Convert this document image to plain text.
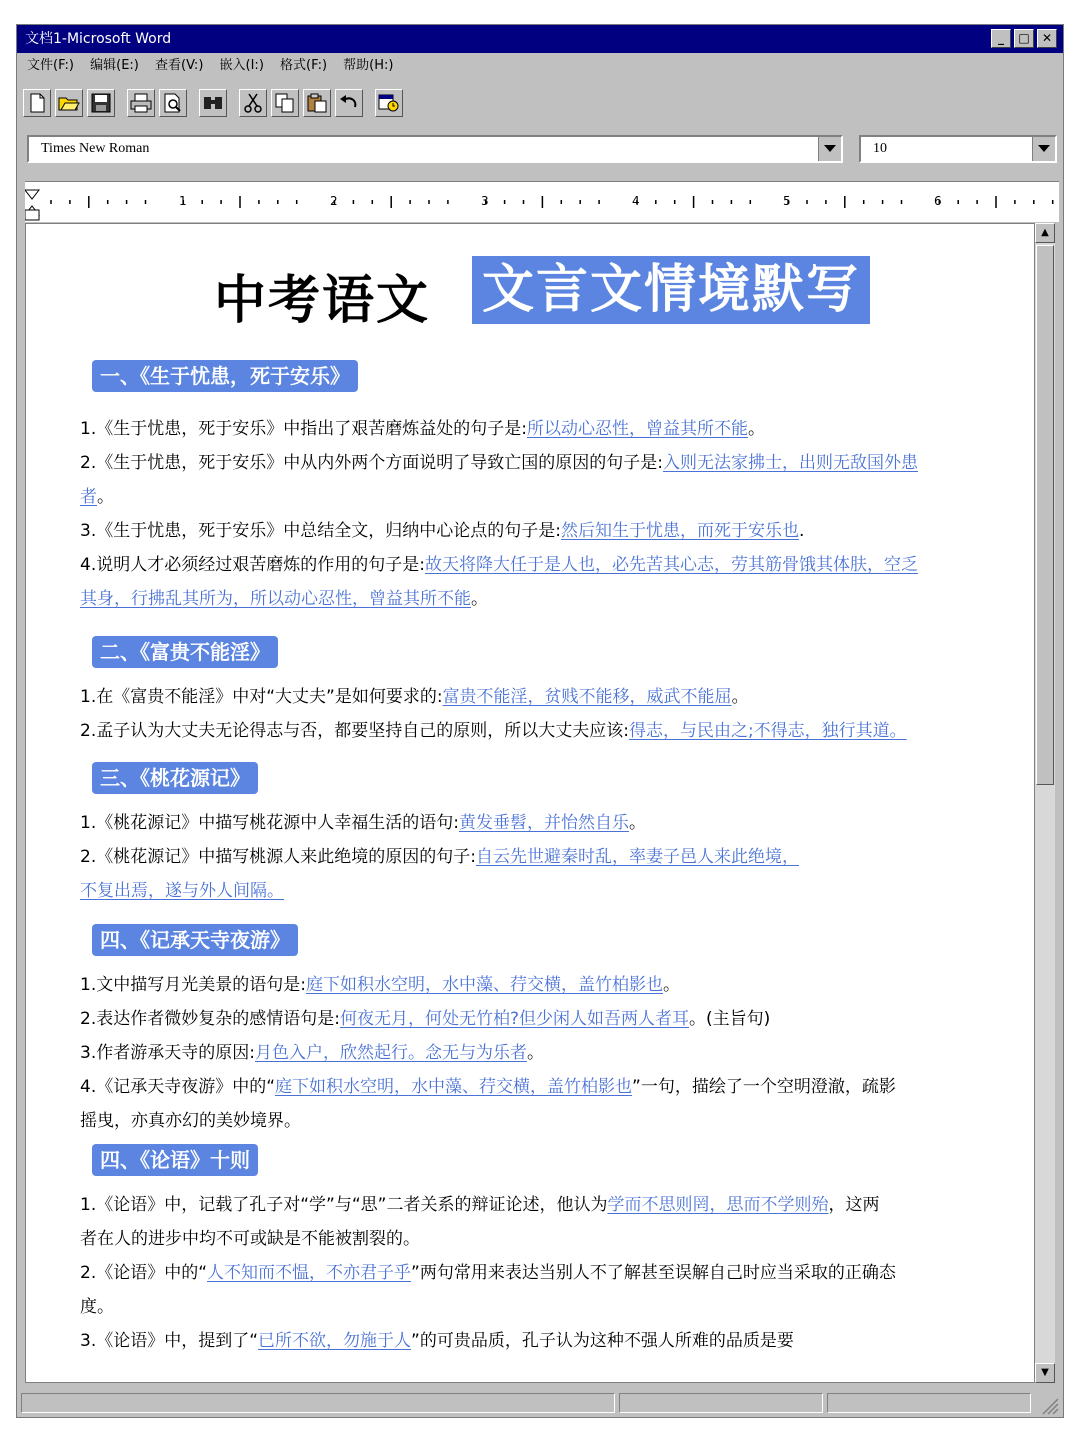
文档1-Microsoft Word	_	□	✕
文件(F:) 编辑(E:) 查看(V:) 嵌入(I:) 格式(F:) 帮助(H:)
Times New Roman	10
1	2	3	4	5	6
中考语文 文言文情境默写
一、《生于忧患，死于安乐》
1.《生于忧患，死于安乐》中指出了艰苦磨炼益处的句子是:所以动心忍性，曾益其所不能。
2.《生于忧患，死于安乐》中从内外两个方面说明了导致亡国的原因的句子是:入则无法家拂士，出则无敌国外患
者。
3.《生于忧患，死于安乐》中总结全文，归纳中心论点的句子是:然后知生于忧患，而死于安乐也.
4.说明人才必须经过艰苦磨炼的作用的句子是:故天将降大任于是人也，必先苦其心志，劳其筋骨饿其体肤，空乏
其身，行拂乱其所为，所以动心忍性，曾益其所不能。
二、《富贵不能淫》
1.在《富贵不能淫》中对“大丈夫”是如何要求的:富贵不能淫，贫贱不能移，威武不能屈。
2.孟子认为大丈夫无论得志与否，都要坚持自己的原则，所以大丈夫应该:得志，与民由之;不得志，独行其道。
三、《桃花源记》
1.《桃花源记》中描写桃花源中人幸福生活的语句:黄发垂髫，并怡然自乐。
2.《桃花源记》中描写桃源人来此绝境的原因的句子:自云先世避秦时乱，率妻子邑人来此绝境，
不复出焉，遂与外人间隔。
四、《记承天寺夜游》
1.文中描写月光美景的语句是:庭下如积水空明，水中藻、荇交横，盖竹柏影也。
2.表达作者微妙复杂的感情语句是:何夜无月，何处无竹柏?但少闲人如吾两人者耳。(主旨句)
3.作者游承天寺的原因:月色入户，欣然起行。念无与为乐者。
4.《记承天寺夜游》中的“庭下如积水空明，水中藻、荇交横，盖竹柏影也”一句，描绘了一个空明澄澈，疏影
摇曳，亦真亦幻的美妙境界。
四、《论语》十则
1.《论语》中，记载了孔子对“学”与“思”二者关系的辩证论述，他认为学而不思则罔，思而不学则殆，这两
者在人的进步中均不可或缺是不能被割裂的。
2.《论语》中的“人不知而不愠，不亦君子乎”两句常用来表达当别人不了解甚至误解自己时应当采取的正确态
度。
3.《论语》中，提到了“已所不欲，勿施于人”的可贵品质，孔子认为这种不强人所难的品质是要
▲
▼
